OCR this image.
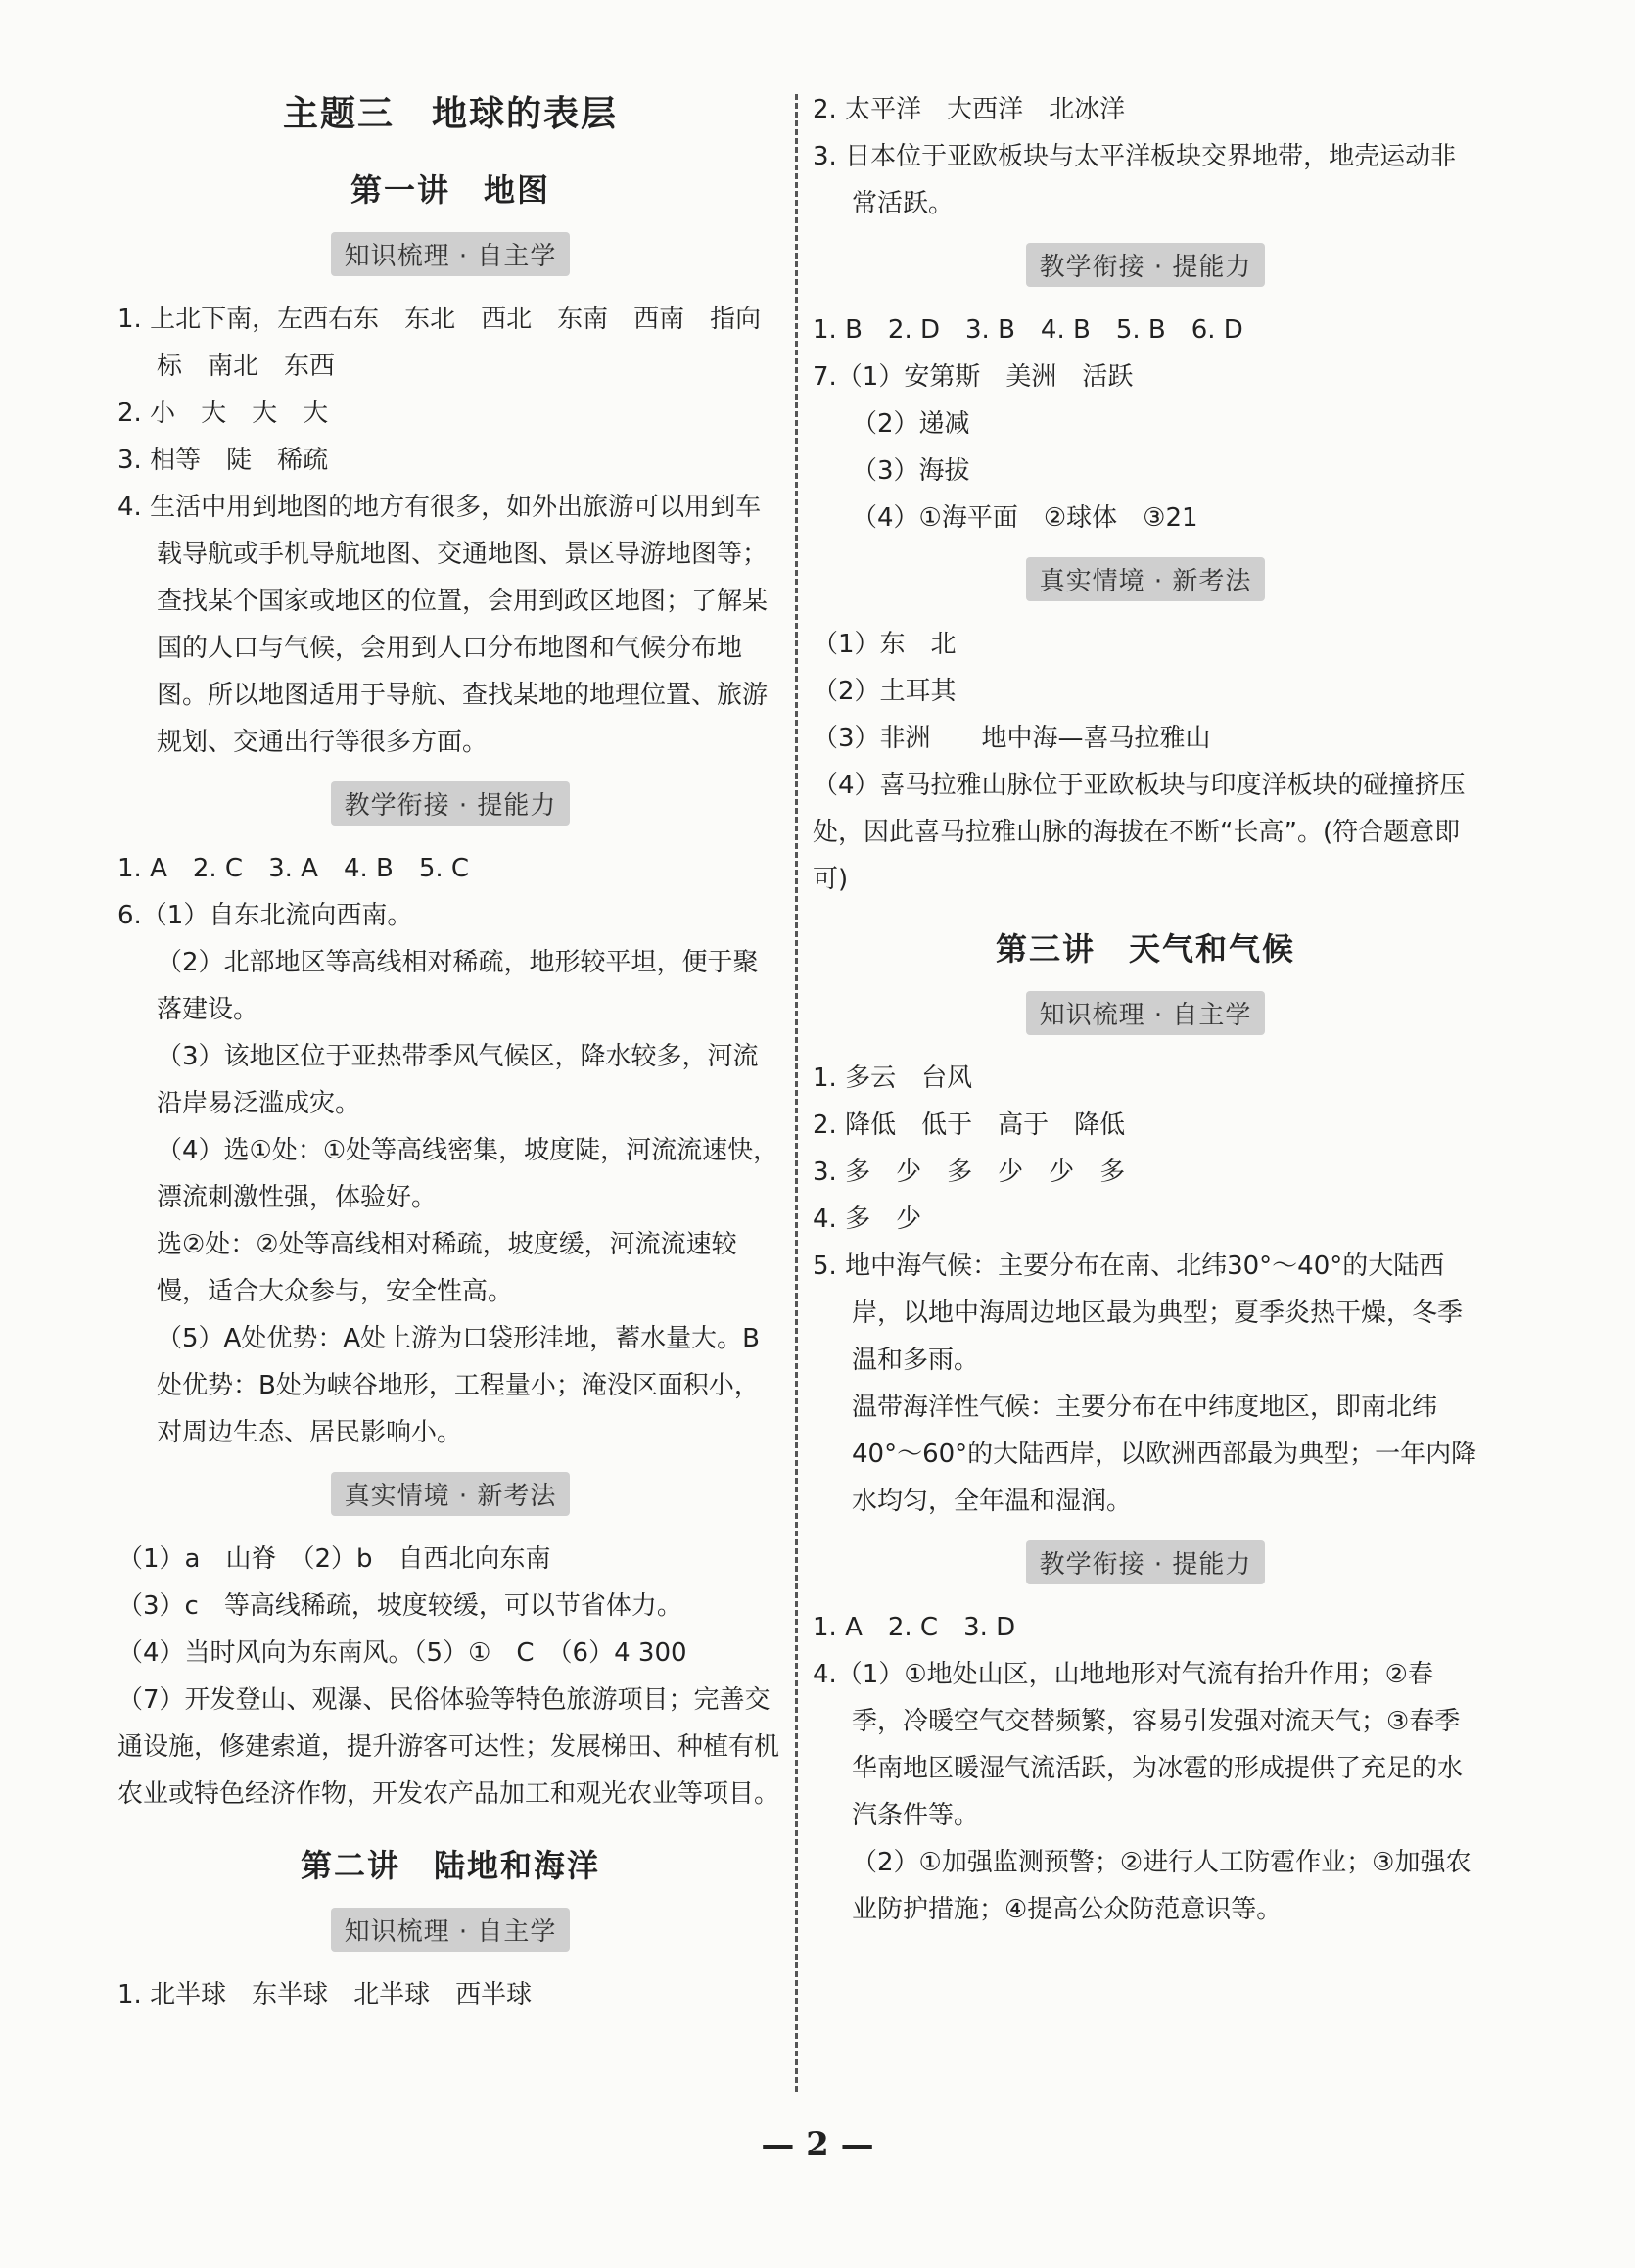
主题三　地球的表层
第一讲　地图
知识梳理 · 自主学

1. 上北下南，左西右东　东北　西北　东南　西南　指向标　南北　东西

2. 小　大　大　大

3. 相等　陡　稀疏

4. 生活中用到地图的地方有很多，如外出旅游可以用到车载导航或手机导航地图、交通地图、景区导游地图等；查找某个国家或地区的位置，会用到政区地图；了解某国的人口与气候，会用到人口分布地图和气候分布地图。所以地图适用于导航、查找某地的地理位置、旅游规划、交通出行等很多方面。

教学衔接 · 提能力

1. A　2. C　3. A　4. B　5. C

6.（1）自东北流向西南。

（2）北部地区等高线相对稀疏，地形较平坦，便于聚落建设。

（3）该地区位于亚热带季风气候区，降水较多，河流沿岸易泛滥成灾。

（4）选①处：①处等高线密集，坡度陡，河流流速快，漂流刺激性强，体验好。

选②处：②处等高线相对稀疏，坡度缓，河流流速较慢，适合大众参与，安全性高。

（5）A处优势：A处上游为口袋形洼地，蓄水量大。B处优势：B处为峡谷地形，工程量小；淹没区面积小，对周边生态、居民影响小。

真实情境 · 新考法

（1）a　山脊　（2）b　自西北向东南

（3）c　等高线稀疏，坡度较缓，可以节省体力。

（4）当时风向为东南风。（5）①　C　（6）4 300

（7）开发登山、观瀑、民俗体验等特色旅游项目；完善交通设施，修建索道，提升游客可达性；发展梯田、种植有机农业或特色经济作物，开发农产品加工和观光农业等项目。

第二讲　陆地和海洋
知识梳理 · 自主学

1. 北半球　东半球　北半球　西半球

2. 太平洋　大西洋　北冰洋

3. 日本位于亚欧板块与太平洋板块交界地带，地壳运动非常活跃。

教学衔接 · 提能力

1. B　2. D　3. B　4. B　5. B　6. D

7.（1）安第斯　美洲　活跃

（2）递减

（3）海拔

（4）①海平面　②球体　③21

真实情境 · 新考法

（1）东　北

（2）土耳其

（3）非洲　　地中海—喜马拉雅山

（4）喜马拉雅山脉位于亚欧板块与印度洋板块的碰撞挤压处，因此喜马拉雅山脉的海拔在不断“长高”。(符合题意即可)

第三讲　天气和气候
知识梳理 · 自主学

1. 多云　台风

2. 降低　低于　高于　降低

3. 多　少　多　少　少　多

4. 多　少

5. 地中海气候：主要分布在南、北纬30°～40°的大陆西岸，以地中海周边地区最为典型；夏季炎热干燥，冬季温和多雨。

温带海洋性气候：主要分布在中纬度地区，即南北纬40°～60°的大陆西岸，以欧洲西部最为典型；一年内降水均匀，全年温和湿润。

教学衔接 · 提能力

1. A　2. C　3. D

4.（1）①地处山区，山地地形对气流有抬升作用；②春季，冷暖空气交替频繁，容易引发强对流天气；③春季华南地区暖湿气流活跃，为冰雹的形成提供了充足的水汽条件等。

（2）①加强监测预警；②进行人工防雹作业；③加强农业防护措施；④提高公众防范意识等。

— 2 —
